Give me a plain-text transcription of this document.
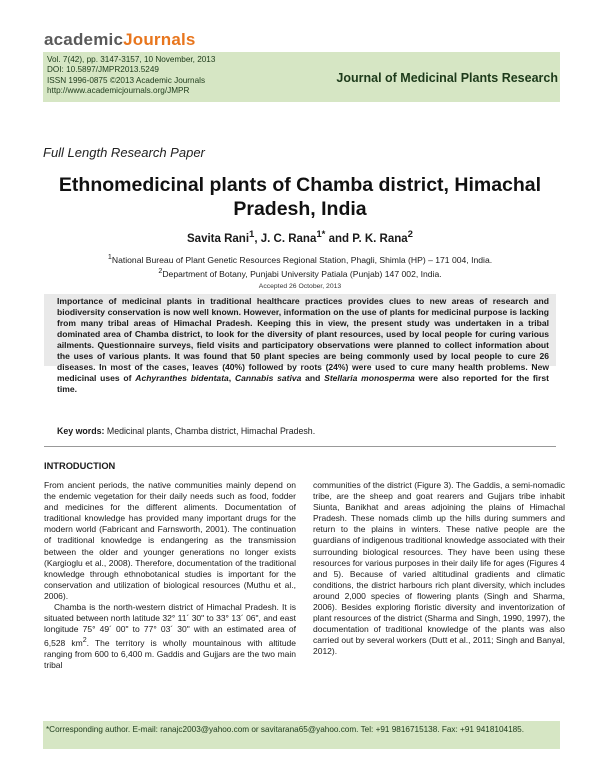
academicJournals
Vol. 7(42), pp. 3147-3157, 10 November, 2013
DOI: 10.5897/JMPR2013.5249
ISSN 1996-0875 ©2013 Academic Journals
http://www.academicjournals.org/JMPR
Journal of Medicinal Plants Research
Full Length Research Paper
Ethnomedicinal plants of Chamba district, Himachal
Pradesh, India
Savita Rani$^1$, J. C. Rana$^{1*}$ and P. K. Rana$^2$
$^1$National Bureau of Plant Genetic Resources Regional Station, Phagli, Shimla (HP) – 171 004, India.
$^2$Department of Botany, Punjabi University Patiala (Punjab) 147 002, India.
Accepted 26 October, 2013
Importance of medicinal plants in traditional healthcare practices provides clues to new areas of research and biodiversity conservation is now well known. However, information on the use of plants for medicinal purpose is lacking from many tribal areas of Himachal Pradesh. Keeping this in view, the present study was undertaken in a tribal dominated area of Chamba district, to look for the diversity of plant resources, used by local people for curing various ailments. Questionnaire surveys, field visits and participatory observations were planned to collect information about the uses of various plants. It was found that 50 plant species are being commonly used by local people to cure 26 diseases. In most of the cases, leaves (40%) followed by roots (24%) were used to cure many health problems. New medicinal uses of Achyranthes bidentata, Cannabis sativa and Stellaria monosperma were also reported for the first time.
Key words: Medicinal plants, Chamba district, Himachal Pradesh.
INTRODUCTION

From ancient periods, the native communities mainly depend on the endemic vegetation for their daily needs such as food, fodder and medicines for the different aliments. Documentation of traditional knowledge has provided many important drugs for the modern world (Fabricant and Farnsworth, 2001). The continuation of traditional knowledge is endangering as the transmission between the older and younger generations no longer exists (Kargioglu et al., 2008). Therefore, documentation of the traditional knowledge through ethnobotanical studies is important for the conservation and utilization of biological resources (Muthu et al., 2006).

Chamba is the north-western district of Himachal Pradesh. It is situated between north latitude 32° 11´ 30" to 33° 13´ 06", and east longitude 75° 49´ 00" to 77° 03´ 30" with an estimated area of 6,528 $km^2$. The territory is wholly mountainous with altitude ranging from 600 to 6,400 m. Gaddis and Gujjars are the two main tribal

communities of the district (Figure 3). The Gaddis, a semi-nomadic tribe, are the sheep and goat rearers and Gujjars tribe inhabit Siunta, Banikhat and areas adjoining the plains of Himachal Pradesh. These nomads climb up the hills during summers and return to the plains in winters. These native people are the guardians of indigenous traditional knowledge associated with their surrounding biological resources. They have been using these resources for various purposes in their daily life for ages (Figures 4 and 5). Because of varied altitudinal gradients and climatic conditions, the district harbours rich plant diversity, which includes around 2,000 species of flowering plants (Singh and Sharma, 2006). Besides exploring floristic diversity and inventorization of plant resources of the district (Sharma and Singh, 1990, 1997), the documentation of traditional knowledge of the plants was also carried out by several workers (Dutt et al., 2011; Singh and Banyal, 2012).

*Corresponding author. E-mail: ranajc2003@yahoo.com or savitarana65@yahoo.com. Tel: +91 9816715138. Fax: +91 9418104185.
